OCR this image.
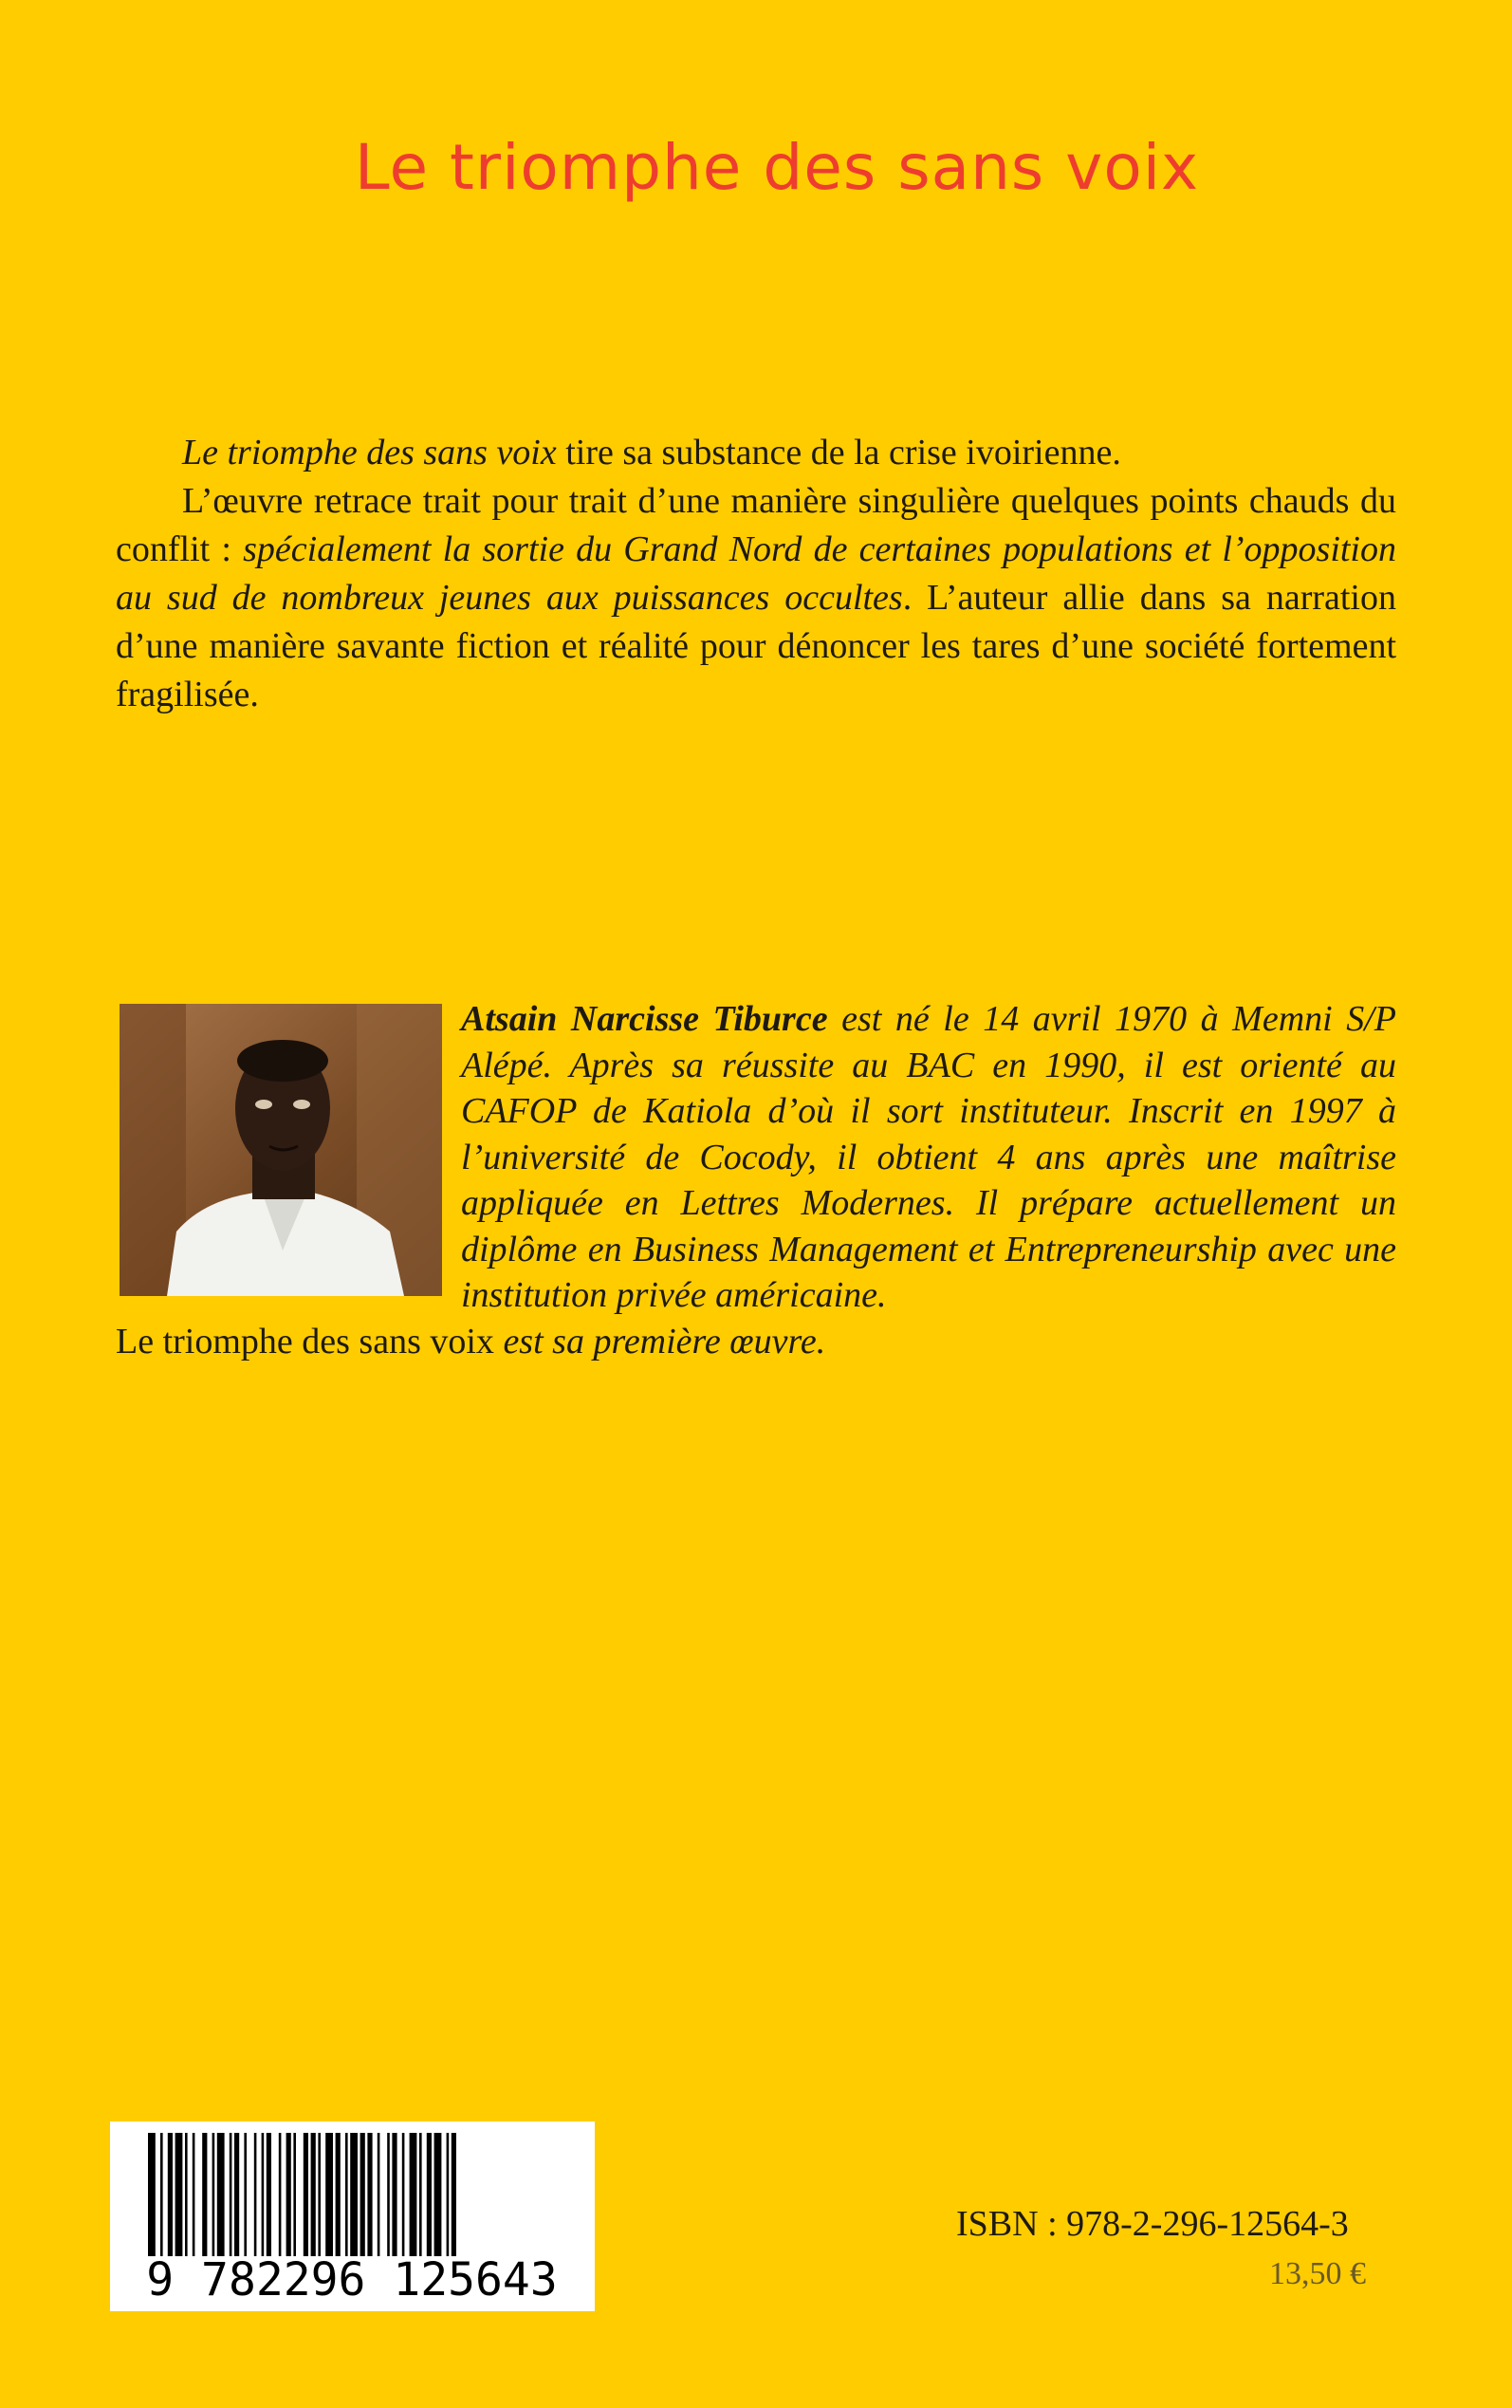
Le triomphe des sans voix

Le triomphe des sans voix tire sa substance de la crise ivoirienne.

L’œuvre retrace trait pour trait d’une manière singulière quelques points chauds du conflit : spécialement la sortie du Grand Nord de certaines populations et l’opposition au sud de nombreux jeunes aux puissances occultes. L’auteur allie dans sa narration d’une manière savante fiction et réalité pour dénoncer les tares d’une société fortement fragilisée.

Atsain Narcisse Tiburce est né le 14 avril 1970 à Memni S/P Alépé. Après sa réussite au BAC en 1990, il est orienté au CAFOP de Katiola d’où il sort instituteur. Inscrit en 1997 à l’université de Cocody, il obtient 4 ans après une maîtrise appliquée en Lettres Modernes. Il prépare actuellement un diplôme en Business Management et Entrepreneurship avec une institution privée américaine.

Le triomphe des sans voix est sa première œuvre.

9 782296 125643
ISBN : 978-2-296-12564-3
13,50 €
